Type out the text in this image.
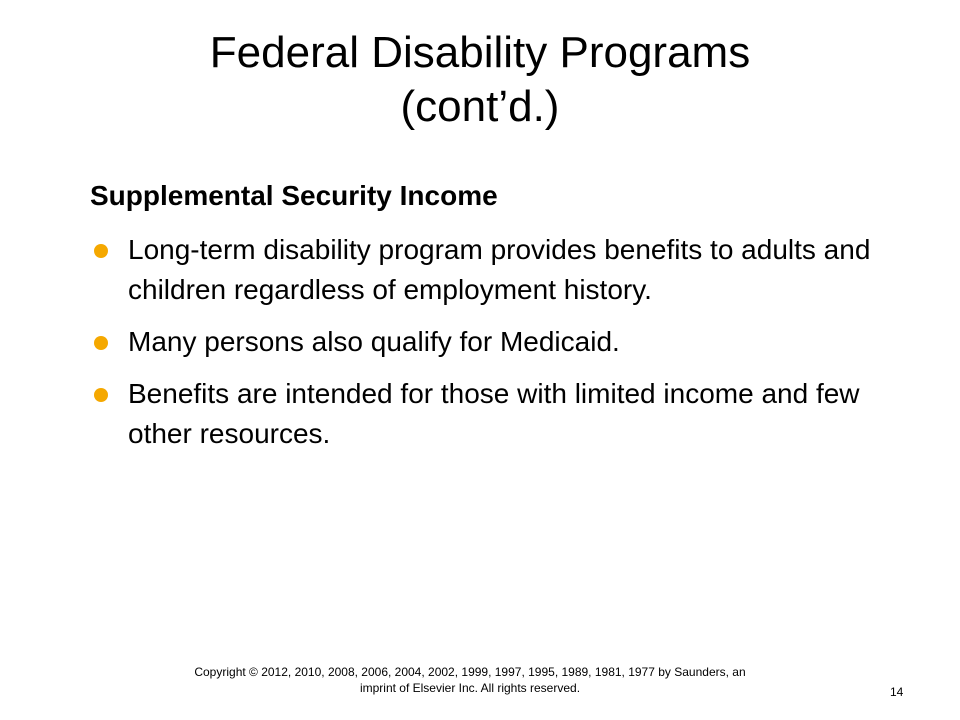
Federal Disability Programs
(cont’d.)
Supplemental Security Income
Long-term disability program provides benefits to adults and children regardless of employment history.
Many persons also qualify for Medicaid.
Benefits are intended for those with limited income and few other resources.
Copyright © 2012, 2010, 2008, 2006, 2004, 2002, 1999, 1997, 1995, 1989, 1981, 1977 by Saunders, an
imprint of Elsevier Inc. All rights reserved.	14
